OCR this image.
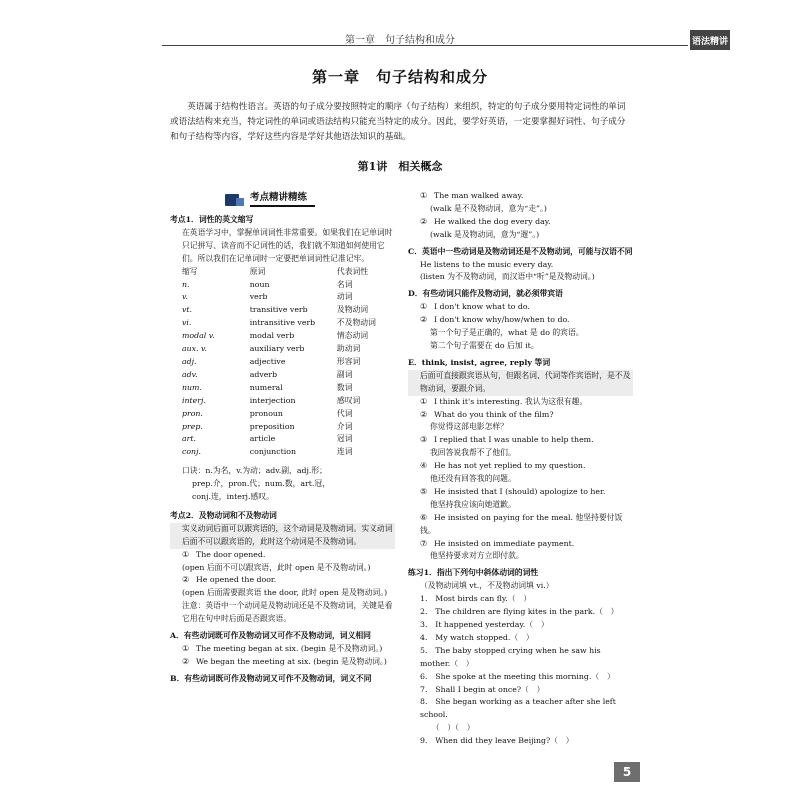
第一章　句子结构和成分	语法精讲
第一章　句子结构和成分
英语属于结构性语言。英语的句子成分要按照特定的顺序（句子结构）来组织，特定的句子成分要用特定词性的单词或语法结构来充当，特定词性的单词或语法结构只能充当特定的成分。因此，要学好英语，一定要掌握好词性、句子成分和句子结构等内容，学好这些内容是学好其他语法知识的基础。
第1讲　相关概念
考点精讲精练
考点1．词性的英文缩写
在英语学习中，掌握单词词性非常重要。如果我们在记单词时只记拼写、读音而不记词性的话，我们就不知道如何使用它们。所以我们在记单词时一定要把单词词性记准记牢。
缩写	原词	代表词性
n.	noun	名词
v.	verb	动词
vt.	transitive verb	及物动词
vi.	intransitive verb	不及物动词
modal v.	modal verb	情态动词
aux. v.	auxiliary verb	助动词
adj.	adjective	形容词
adv.	adverb	副词
num.	numeral	数词
interj.	interjection	感叹词
pron.	pronoun	代词
prep.	preposition	介词
art.	article	冠词
conj.	conjunction	连词
口诀：n.为名，v.为动；adv.副，adj.形；
prep.介，pron.代；num.数，art.冠，
conj.连，interj.感叹。
考点2．及物动词和不及物动词
实义动词后面可以跟宾语的，这个动词是及物动词。实义动词后面不可以跟宾语的，此时这个动词是不及物动词。
① The door opened.
(open 后面不可以跟宾语，此时 open 是不及物动词。)
② He opened the door.
(open 后面需要跟宾语 the door, 此时 open 是及物动词。)
注意：英语中一个动词是及物动词还是不及物动词，关键是看它用在句中时后面是否跟宾语。
A．有些动词既可作及物动词又可作不及物动词，词义相同
① The meeting began at six. (begin 是不及物动词。)
② We began the meeting at six. (begin 是及物动词。)
B．有些动词既可作及物动词又可作不及物动词，词义不同
① The man walked away.
(walk 是不及物动词，意为“走”。)
② He walked the dog every day.
(walk 是及物动词，意为“遛”。)
C．英语中一些动词是及物动词还是不及物动词，可能与汉语不同
He listens to the music every day.
(listen 为不及物动词，而汉语中“听”是及物动词。)
D．有些动词只能作及物动词，就必须带宾语
① I don't know what to do.
② I don't know why/how/when to do.
第一个句子是正确的，what 是 do 的宾语。
第二个句子需要在 do 后加 it。
E．think, insist, agree, reply 等词
后面可直接跟宾语从句，但跟名词、代词等作宾语时，是不及物动词，要跟介词。
① I think it's interesting. 我认为这很有趣。
② What do you think of the film?
你觉得这部电影怎样？
③ I replied that I was unable to help them.
我回答说我帮不了他们。
④ He has not yet replied to my question.
他还没有回答我的问题。
⑤ He insisted that I (should) apologize to her.
他坚持我应该向她道歉。
⑥ He insisted on paying for the meal. 他坚持要付饭钱。
⑦ He insisted on immediate payment.
他坚持要求对方立即付款。
练习1．指出下列句中斜体动词的词性
（及物动词填 vt.，不及物动词填 vi.）
1.　Most birds can fly.（　）
2.　The children are flying kites in the park.（　）
3.　It happened yesterday.（　）
4.　My watch stopped.（　）
5.　The baby stopped crying when he saw his mother.（　）
6.　She spoke at the meeting this morning.（　）
7.　Shall I begin at once?（　）
8.　She began working as a teacher after she left school.
　　（　）（　）
9.　When did they leave Beijing?（　）
5
